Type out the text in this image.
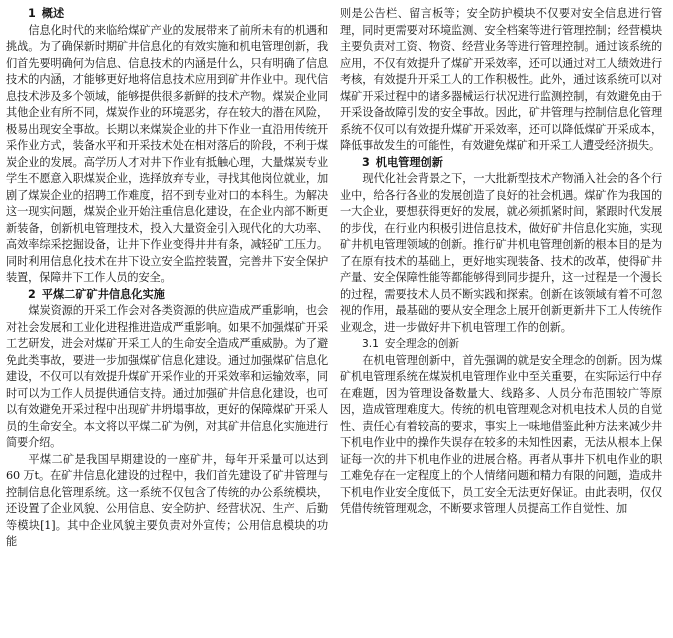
1 概述

信息化时代的来临给煤矿产业的发展带来了前所未有的机遇和挑战。为了确保新时期矿井信息化的有效实施和机电管理创新，我们首先要明确何为信息、信息技术的内涵是什么，只有明确了信息技术的内涵，才能够更好地将信息技术应用到矿井作业中。现代信息技术涉及多个领域，能够提供很多新鲜的技术产物。煤炭企业同其他企业有所不同，煤炭作业的环境恶劣，存在较大的潜在风险，极易出现安全事故。长期以来煤炭企业的井下作业一直沿用传统开采作业方式，装备水平和开采技术处在相对落后的阶段，不利于煤炭企业的发展。高学历人才对井下作业有抵触心理，大量煤炭专业学生不愿意入职煤炭企业，选择放弃专业，寻找其他岗位就业，加剧了煤炭企业的招聘工作难度，招不到专业对口的本科生。为解决这一现实问题，煤炭企业开始注重信息化建设，在企业内部不断更新装备，创新机电管理技术，投入大量资金引入现代化的大功率、高效率综采挖掘设备，让井下作业变得井井有条，减轻矿工压力。同时利用信息化技术在井下设立安全监控装置，完善井下安全保护装置，保障井下工作人员的安全。

2 平煤二矿矿井信息化实施

煤炭资源的开采工作会对各类资源的供应造成严重影响，也会对社会发展和工业化进程推进造成严重影响。如果不加强煤矿开采工艺研发，进会对煤矿开采工人的生命安全造成严重威胁。为了避免此类事故，要进一步加强煤矿信息化建设。通过加强煤矿信息化建设，不仅可以有效提升煤矿开采作业的开采效率和运输效率，同时可以为工作人员提供通信支持。通过加强矿井信息化建设，也可以有效避免开采过程中出现矿井坍塌事故，更好的保障煤矿开采人员的生命安全。本文将以平煤二矿为例，对其矿井信息化实施进行简要介绍。

平煤二矿是我国早期建设的一座矿井，每年开采量可以达到60 万t。在矿井信息化建设的过程中，我们首先建设了矿井管理与控制信息化管理系统。这一系统不仅包含了传统的办公系统模块，还设置了企业风貌、公用信息、安全防护、经营状况、生产、后勤等模块[1]。其中企业风貌主要负责对外宣传；公用信息模块的功能

则是公告栏、留言板等；安全防护模块不仅要对安全信息进行管理，同时更需要对环境监测、安全档案等进行管理控制；经营模块主要负责对工资、物资、经营业务等进行管理控制。通过该系统的应用，不仅有效提升了煤矿开采效率，还可以通过对工人绩效进行考核，有效提升开采工人的工作积极性。此外，通过该系统可以对煤矿开采过程中的诸多器械运行状况进行监测控制，有效避免由于开采设备故障引发的安全事故。因此，矿井管理与控制信息化管理系统不仅可以有效提升煤矿开采效率，还可以降低煤矿开采成本，降低事故发生的可能性，有效避免煤矿和开采工人遭受经济损失。

3 机电管理创新

现代化社会背景之下，一大批新型技术产物涌入社会的各个行业中，给各行各业的发展创造了良好的社会机遇。煤矿作为我国的一大企业，要想获得更好的发展，就必须抓紧时间，紧跟时代发展的步伐，在行业内积极引进信息技术，做好矿井信息化实施，实现矿井机电管理领域的创新。推行矿井机电管理创新的根本目的是为了在原有技术的基础上，更好地实现装备、技术的改革，使得矿井产量、安全保障性能等都能够得到同步提升，这一过程是一个漫长的过程，需要技术人员不断实践和探索。创新在该领域有着不可忽视的作用，最基础的要从安全理念上展开创新更新井下工人传统作业观念，进一步做好井下机电管理工作的创新。

3.1 安全理念的创新

在机电管理创新中，首先强调的就是安全理念的创新。因为煤矿机电管理系统在煤炭机电管理作业中至关重要，在实际运行中存在难题，因为管理设备数量大、线路多、人员分布范围较广等原因，造成管理难度大。传统的机电管理观念对机电技术人员的自觉性、责任心有着较高的要求，事实上一味地借鉴此种方法来减少井下机电作业中的操作失误存在较多的未知性因素，无法从根本上保证每一次的井下机电作业的进展合格。再者从事井下机电作业的职工难免存在一定程度上的个人情绪问题和精力有限的问题，造成井下机电作业安全度低下，员工安全无法更好保证。由此表明，仅仅凭借传统管理观念，不断要求管理人员提高工作自觉性、加
